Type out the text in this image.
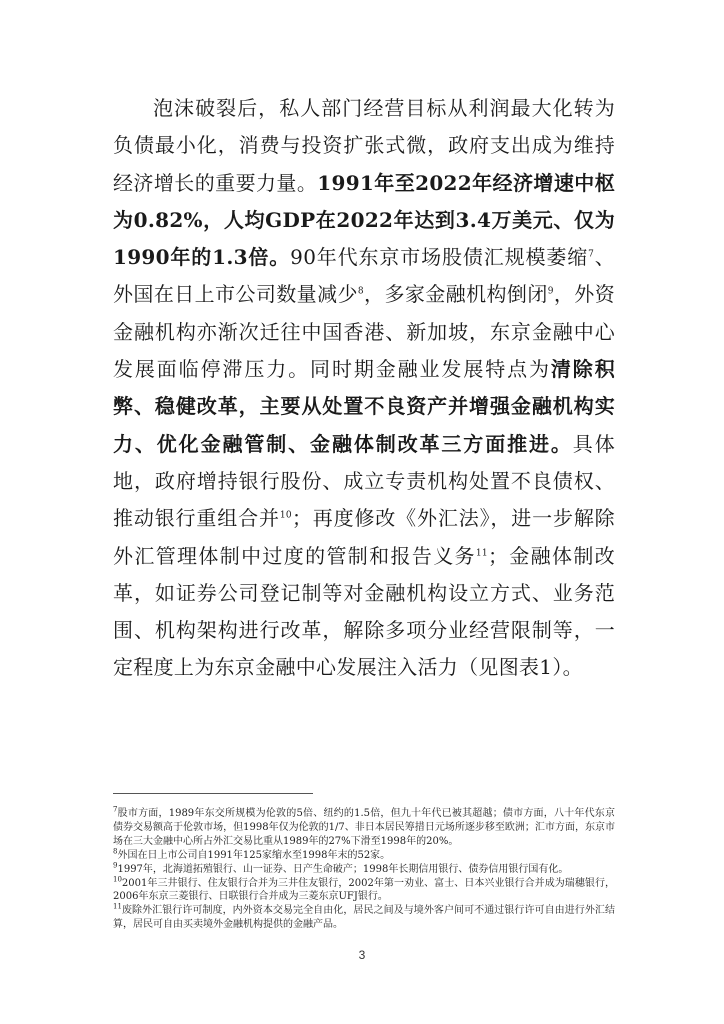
泡沫破裂后，私人部门经营目标从利润最大化转为负债最小化，消费与投资扩张式微，政府支出成为维持经济增长的重要力量。1991年至2022年经济增速中枢为0.82%，人均GDP在2022年达到3.4万美元、仅为1990年的1.3倍。90年代东京市场股债汇规模萎缩$^7$、外国在日上市公司数量减少$^8$，多家金融机构倒闭$^9$，外资金融机构亦渐次迁往中国香港、新加坡，东京金融中心发展面临停滞压力。同时期金融业发展特点为清除积弊、稳健改革，主要从处置不良资产并增强金融机构实力、优化金融管制、金融体制改革三方面推进。具体地，政府增持银行股份、成立专责机构处置不良债权、推动银行重组合并$^{10}$；再度修改《外汇法》，进一步解除外汇管理体制中过度的管制和报告义务$^{11}$；金融体制改革，如证券公司登记制等对金融机构设立方式、业务范围、机构架构进行改革，解除多项分业经营限制等，一定程度上为东京金融中心发展注入活力（见图表1）。

$^7$股市方面，1989年东交所规模为伦敦的5倍、纽约的1.5倍，但九十年代已被其超越；债市方面，八十年代东京债券交易额高于伦敦市场，但1998年仅为伦敦的1/7、非日本居民筹措日元场所逐步移至欧洲；汇市方面，东京市场在三大金融中心所占外汇交易比重从1989年的27%下滑至1998年的20%。

$^8$外国在日上市公司自1991年125家缩水至1998年末的52家。

$^9$1997年，北海道拓殖银行、山一证券、日产生命破产；1998年长期信用银行、债券信用银行国有化。

$^{10}$2001年三井银行、住友银行合并为三井住友银行，2002年第一劝业、富士、日本兴业银行合并成为瑞穗银行，2006年东京三菱银行、日联银行合并成为三菱东京UFJ银行。

$^{11}$废除外汇银行许可制度，内外资本交易完全自由化，居民之间及与境外客户间可不通过银行许可自由进行外汇结算，居民可自由买卖境外金融机构提供的金融产品。

3
